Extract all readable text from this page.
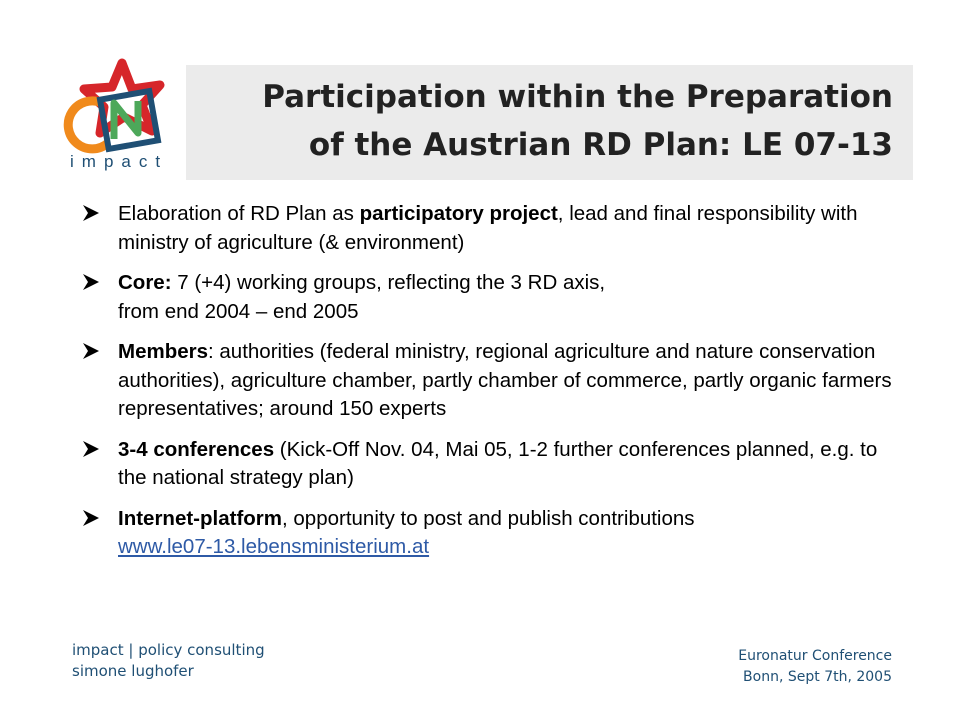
impact
Participation within the Preparation
of the Austrian RD Plan: LE 07-13
Elaboration of RD Plan as participatory project, lead and final responsibility with ministry of agriculture (& environment)
Core: 7 (+4) working groups, reflecting the 3 RD axis,
from end 2004 – end 2005
Members: authorities (federal ministry, regional agriculture and nature conservation authorities), agriculture chamber, partly chamber of commerce, partly organic farmers representatives; around 150 experts
3-4 conferences (Kick-Off Nov. 04, Mai 05, 1-2 further conferences planned, e.g. to the national strategy plan)
Internet-platform, opportunity to post and publish contributions
www.le07-13.lebensministerium.at
impact | policy consulting
simone lughofer
Euronatur Conference
Bonn, Sept 7th, 2005
